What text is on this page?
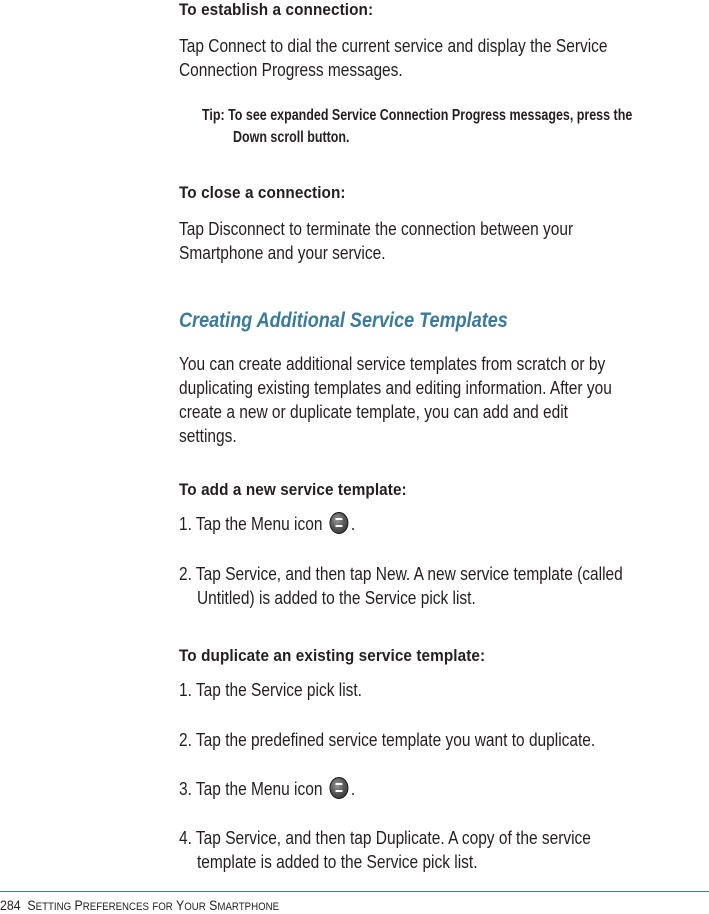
To establish a connection:
Tap Connect to dial the current service and display the Service
Connection Progress messages.
Tip: To see expanded Service Connection Progress messages, press the
Down scroll button.
To close a connection:
Tap Disconnect to terminate the connection between your
Smartphone and your service.
Creating Additional Service Templates
You can create additional service templates from scratch or by
duplicating existing templates and editing information. After you
create a new or duplicate template, you can add and edit
settings.
To add a new service template:
1. Tap the Menu icon .
2. Tap Service, and then tap New. A new service template (called
Untitled) is added to the Service pick list.
To duplicate an existing service template:
1. Tap the Service pick list.
2. Tap the predefined service template you want to duplicate.
3. Tap the Menu icon .
4. Tap Service, and then tap Duplicate. A copy of the service
template is added to the Service pick list.
284 SETTING PREFERENCES FOR YOUR SMARTPHONE
